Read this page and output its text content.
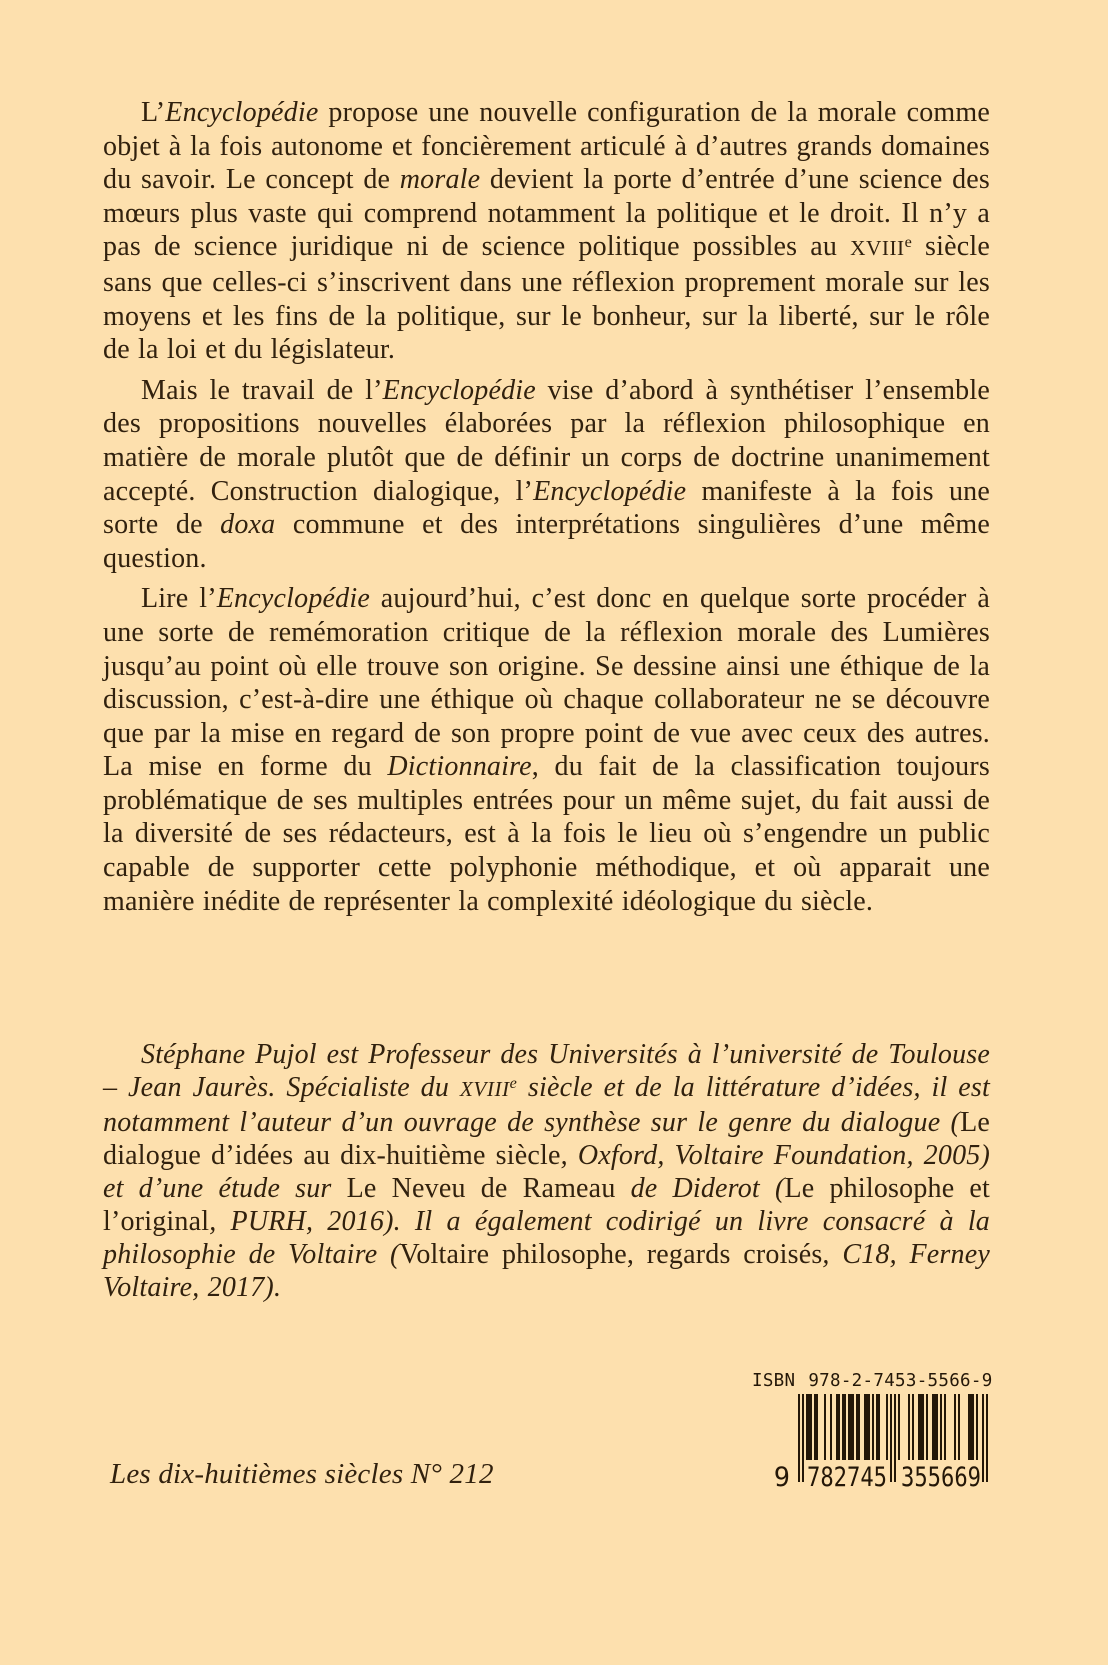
L’Encyclopédie propose une nouvelle configuration de la morale comme objet à la fois autonome et foncièrement articulé à d’autres grands domaines du savoir. Le concept de morale devient la porte d’entrée d’une science des mœurs plus vaste qui comprend notamment la politique et le droit. Il n’y a pas de science juridique ni de science politique possibles au XVIIIe siècle sans que celles-ci s’inscrivent dans une réflexion proprement morale sur les moyens et les fins de la politique, sur le bonheur, sur la liberté, sur le rôle de la loi et du législateur.

Mais le travail de l’Encyclopédie vise d’abord à synthétiser l’ensemble des propositions nouvelles élaborées par la réflexion philosophique en matière de morale plutôt que de définir un corps de doctrine unanimement accepté. Construction dialogique, l’Encyclopédie manifeste à la fois une sorte de doxa commune et des interprétations singulières d’une même question.

Lire l’Encyclopédie aujourd’hui, c’est donc en quelque sorte procéder à une sorte de remémoration critique de la réflexion morale des Lumières jusqu’au point où elle trouve son origine. Se dessine ainsi une éthique de la discussion, c’est-à-dire une éthique où chaque collaborateur ne se découvre que par la mise en regard de son propre point de vue avec ceux des autres. La mise en forme du Dictionnaire, du fait de la classification toujours problématique de ses multiples entrées pour un même sujet, du fait aussi de la diversité de ses rédacteurs, est à la fois le lieu où s’engendre un public capable de supporter cette polyphonie méthodique, et où apparait une manière inédite de représenter la complexité idéologique du siècle.

Stéphane Pujol est Professeur des Universités à l’université de Toulouse – Jean Jaurès. Spécialiste du XVIIIe siècle et de la littérature d’idées, il est notamment l’auteur d’un ouvrage de synthèse sur le genre du dialogue (Le dialogue d’idées au dix-huitième siècle, Oxford, Voltaire Foundation, 2005) et d’une étude sur Le Neveu de Rameau de Diderot (Le philosophe et l’original, PURH, 2016). Il a également codirigé un livre consacré à la philosophie de Voltaire (Voltaire philosophe, regards croisés, C18, Ferney Voltaire, 2017).

Les dix-huitièmes siècles N° 212
ISBN 978-2-7453-5566-9
9 782745 355669
